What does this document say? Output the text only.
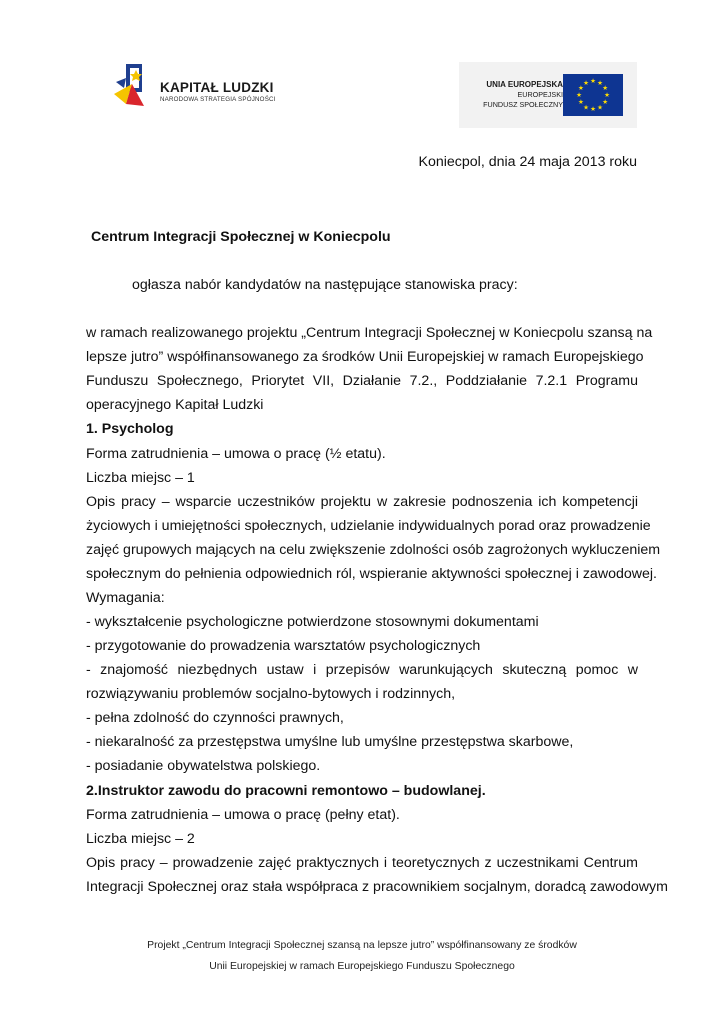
KAPITAŁ LUDZKI
NARODOWA STRATEGIA SPÓJNOŚCI
UNIA EUROPEJSKA
EUROPEJSKI
FUNDUSZ SPOŁECZNY
★ ★
★
★
★
★
★
★
★
★
★
★
Koniecpol, dnia 24 maja 2013 roku
Centrum Integracji Społecznej w Koniecpolu
ogłasza nabór kandydatów na następujące stanowiska pracy:
w ramach realizowanego projektu „Centrum Integracji Społecznej w Koniecpolu szansą na
lepsze jutro” współfinansowanego za środków Unii Europejskiej w ramach Europejskiego
Funduszu Społecznego, Priorytet VII, Działanie 7.2., Poddziałanie 7.2.1 Programu
operacyjnego Kapitał Ludzki
1. Psycholog
Forma zatrudnienia – umowa o pracę (½ etatu).
Liczba miejsc – 1
Opis pracy – wsparcie uczestników projektu w zakresie podnoszenia ich kompetencji
życiowych i umiejętności społecznych, udzielanie indywidualnych porad oraz prowadzenie
zajęć grupowych mających na celu zwiększenie zdolności osób zagrożonych wykluczeniem
społecznym do pełnienia odpowiednich ról, wspieranie aktywności społecznej i zawodowej.
Wymagania:
- wykształcenie psychologiczne potwierdzone stosownymi dokumentami
- przygotowanie do prowadzenia warsztatów psychologicznych
- znajomość niezbędnych ustaw i przepisów warunkujących skuteczną pomoc w
rozwiązywaniu problemów socjalno-bytowych i rodzinnych,
- pełna zdolność do czynności prawnych,
- niekaralność za przestępstwa umyślne lub umyślne przestępstwa skarbowe,
- posiadanie obywatelstwa polskiego.
2.Instruktor zawodu do pracowni remontowo – budowlanej.
Forma zatrudnienia – umowa o pracę (pełny etat).
Liczba miejsc – 2
Opis pracy – prowadzenie zajęć praktycznych i teoretycznych z uczestnikami Centrum
Integracji Społecznej oraz stała współpraca z pracownikiem socjalnym, doradcą zawodowym
Projekt „Centrum Integracji Społecznej szansą na lepsze jutro” współfinansowany ze środków
Unii Europejskiej w ramach Europejskiego Funduszu Społecznego
